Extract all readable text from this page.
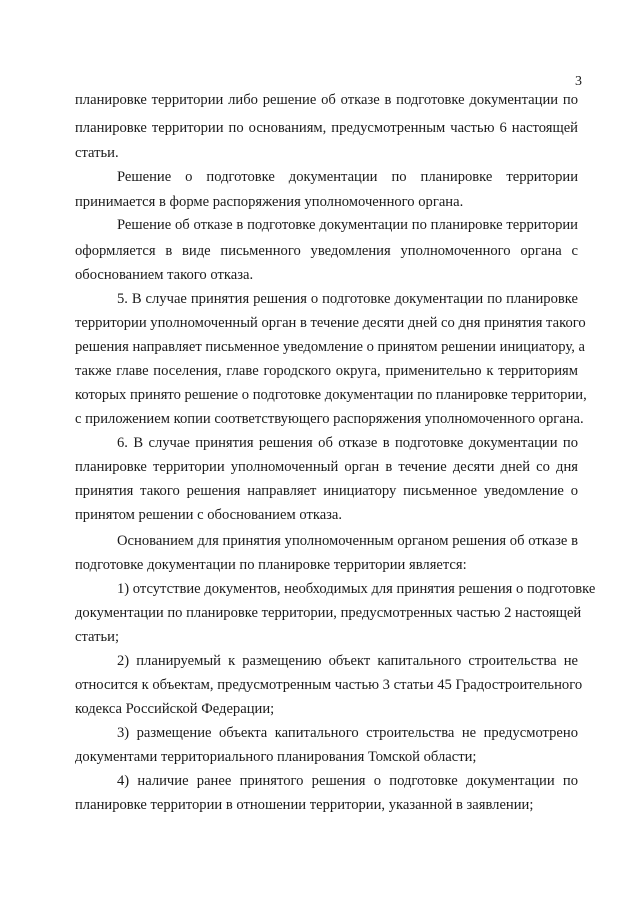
3
планировке территории либо решение об отказе в подготовке документации по
планировке территории по основаниям, предусмотренным частью 6 настоящей
статьи.
Решение о подготовке документации по планировке территории
принимается в форме распоряжения уполномоченного органа.
Решение об отказе в подготовке документации по планировке территории
оформляется в виде письменного уведомления уполномоченного органа с
обоснованием такого отказа.
5. В случае принятия решения о подготовке документации по планировке
территории уполномоченный орган в течение десяти дней со дня принятия такого
решения направляет письменное уведомление о принятом решении инициатору, а
также главе поселения, главе городского округа, применительно к территориям
которых принято решение о подготовке документации по планировке территории,
с приложением копии соответствующего распоряжения уполномоченного органа.
6. В случае принятия решения об отказе в подготовке документации по
планировке территории уполномоченный орган в течение десяти дней со дня
принятия такого решения направляет инициатору письменное уведомление о
принятом решении с обоснованием отказа.
Основанием для принятия уполномоченным органом решения об отказе в
подготовке документации по планировке территории является:
1) отсутствие документов, необходимых для принятия решения о подготовке
документации по планировке территории, предусмотренных частью 2 настоящей
статьи;
2) планируемый к размещению объект капитального строительства не
относится к объектам, предусмотренным частью 3 статьи 45 Градостроительного
кодекса Российской Федерации;
3) размещение объекта капитального строительства не предусмотрено
документами территориального планирования Томской области;
4) наличие ранее принятого решения о подготовке документации по
планировке территории в отношении территории, указанной в заявлении;
